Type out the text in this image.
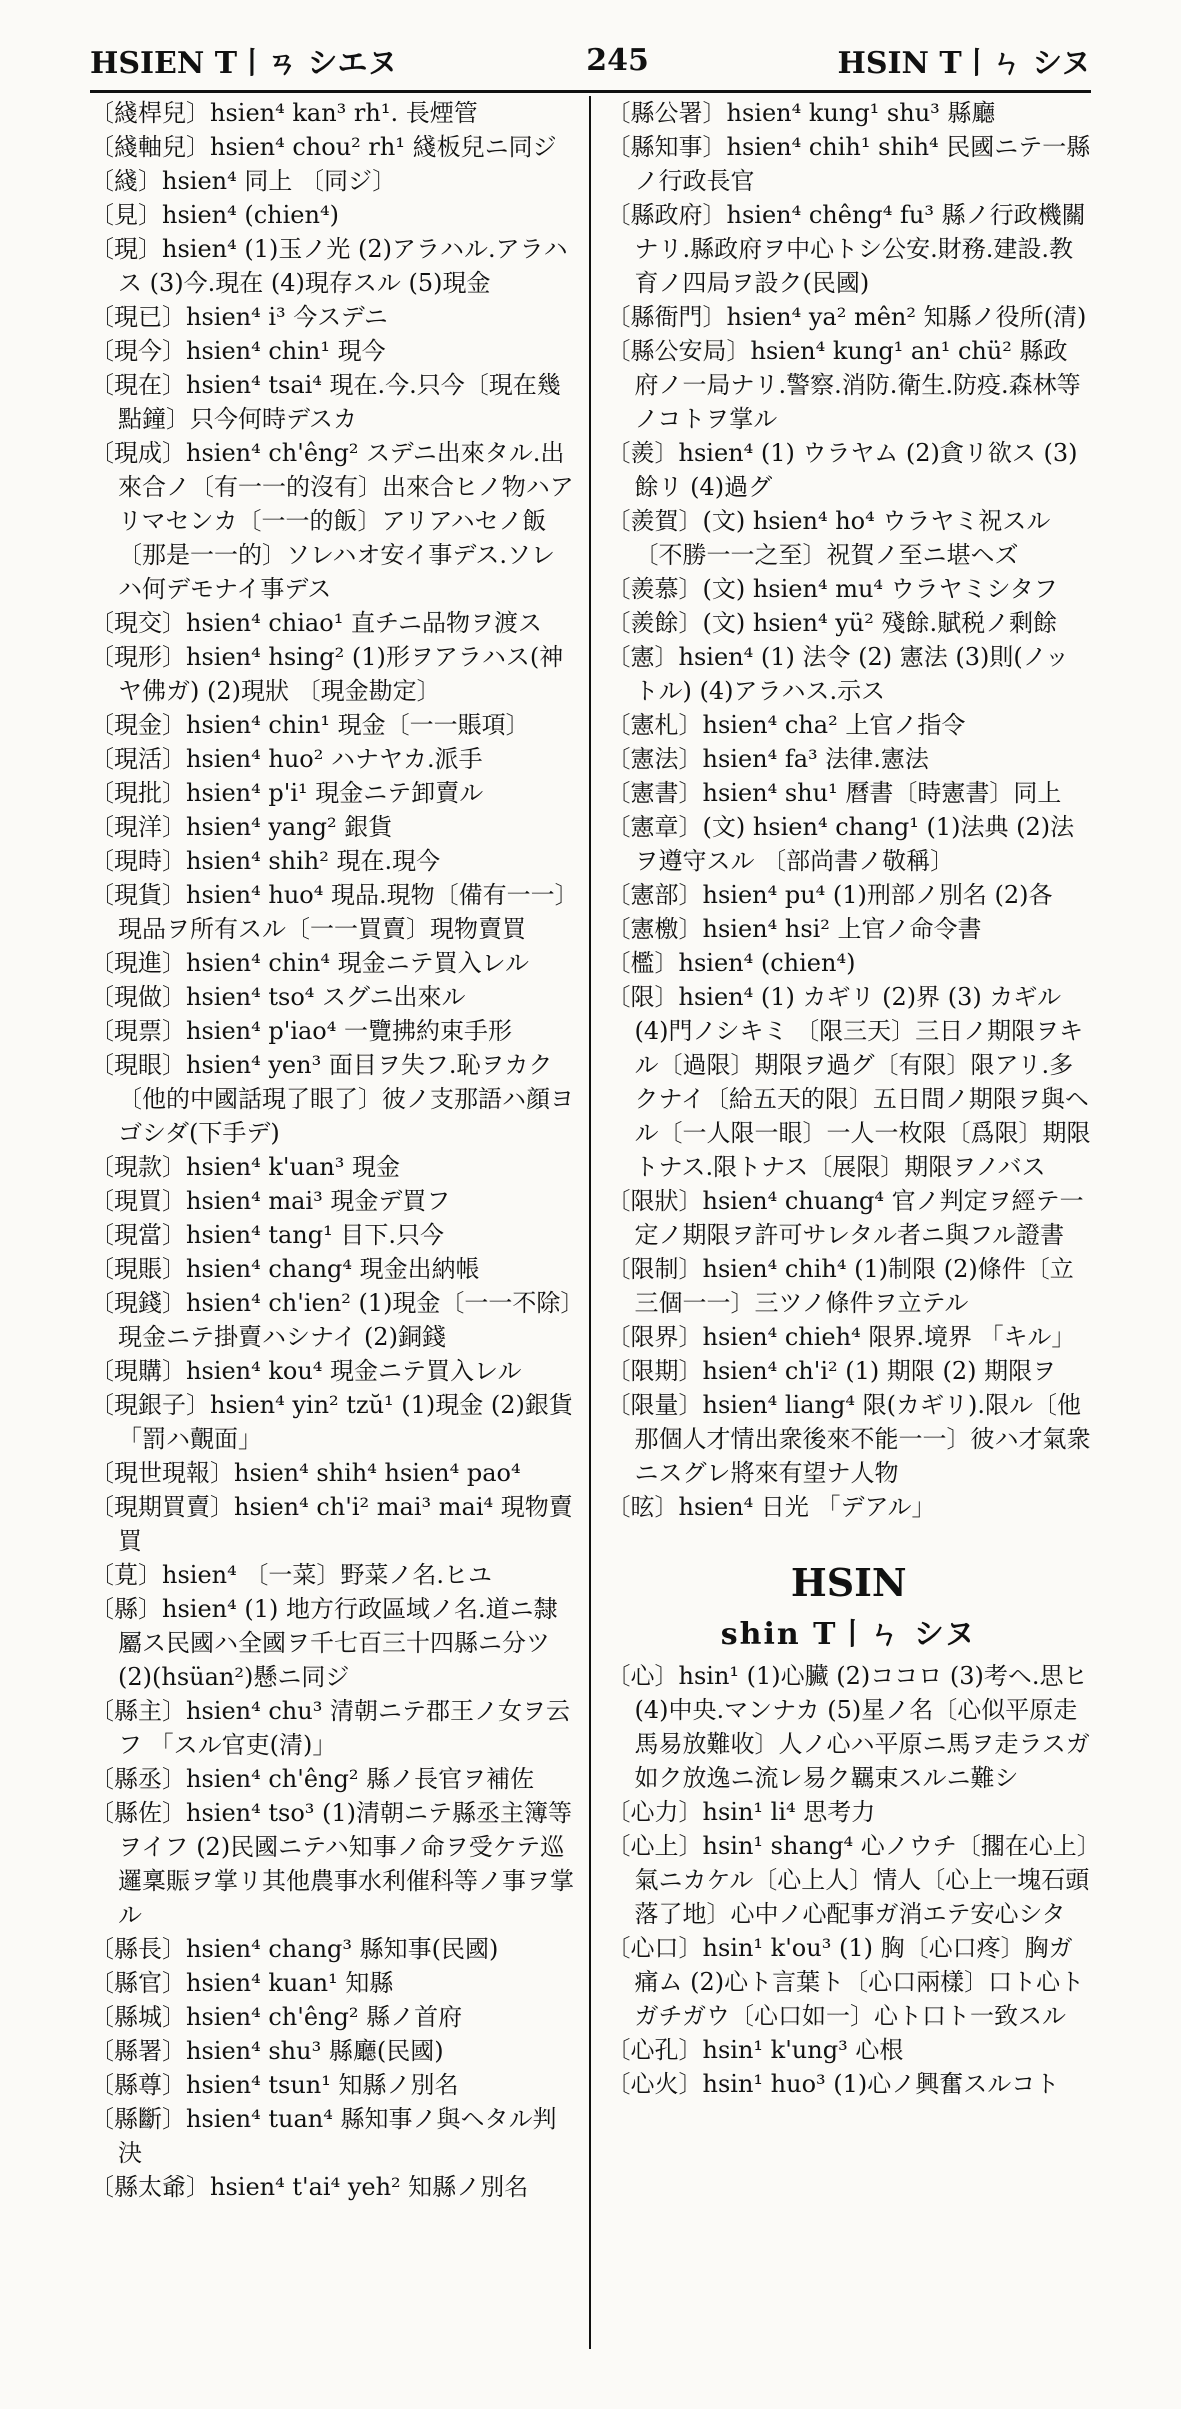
HSIEN T丨ㄢ シエヌ	245	HSIN T丨ㄣ シヌ
〔綫桿兒〕hsien⁴ kan³ rh¹. 長煙管
〔綫軸兒〕hsien⁴ chou² rh¹ 綫板兒ニ同ジ
〔綫〕hsien⁴ 同上 〔同ジ〕
〔見〕hsien⁴ (chien⁴)
〔現〕hsien⁴ (1)玉ノ光 (2)アラハル.アラハス (3)今.現在 (4)現存スル (5)現金
〔現已〕hsien⁴ i³ 今スデニ
〔現今〕hsien⁴ chin¹ 現今
〔現在〕hsien⁴ tsai⁴ 現在.今.只今〔現在幾點鐘〕只今何時デスカ
〔現成〕hsien⁴ ch'êng² スデニ出來タル.出來合ノ〔有一一的沒有〕出來合ヒノ物ハアリマセンカ〔一一的飯〕アリアハセノ飯〔那是一一的〕ソレハオ安イ事デス.ソレハ何デモナイ事デス
〔現交〕hsien⁴ chiao¹ 直チニ品物ヲ渡ス
〔現形〕hsien⁴ hsing² (1)形ヲアラハス(神ヤ佛ガ) (2)現狀 〔現金勘定〕
〔現金〕hsien⁴ chin¹ 現金〔一一賬項〕
〔現活〕hsien⁴ huo² ハナヤカ.派手
〔現批〕hsien⁴ p'i¹ 現金ニテ卸賣ル
〔現洋〕hsien⁴ yang² 銀貨
〔現時〕hsien⁴ shih² 現在.現今
〔現貨〕hsien⁴ huo⁴ 現品.現物〔備有一一〕現品ヲ所有スル〔一一買賣〕現物賣買
〔現進〕hsien⁴ chin⁴ 現金ニテ買入レル
〔現做〕hsien⁴ tso⁴ スグニ出來ル
〔現票〕hsien⁴ p'iao⁴ 一覽拂約束手形
〔現眼〕hsien⁴ yen³ 面目ヲ失フ.恥ヲカク〔他的中國話現了眼了〕彼ノ支那語ハ顔ヨゴシダ(下手デ)
〔現款〕hsien⁴ k'uan³ 現金
〔現買〕hsien⁴ mai³ 現金デ買フ
〔現當〕hsien⁴ tang¹ 目下.只今
〔現賬〕hsien⁴ chang⁴ 現金出納帳
〔現錢〕hsien⁴ ch'ien² (1)現金〔一一不除〕現金ニテ掛賣ハシナイ (2)銅錢
〔現購〕hsien⁴ kou⁴ 現金ニテ買入レル
〔現銀子〕hsien⁴ yin² tzŭ¹ (1)現金 (2)銀貨 「罰ハ覿面」
〔現世現報〕hsien⁴ shih⁴ hsien⁴ pao⁴
〔現期買賣〕hsien⁴ ch'i² mai³ mai⁴ 現物賣買
〔莧〕hsien⁴ 〔一菜〕野菜ノ名.ヒユ
〔縣〕hsien⁴ (1) 地方行政區域ノ名.道ニ隸屬ス民國ハ全國ヲ千七百三十四縣ニ分ツ (2)(hsüan²)懸ニ同ジ
〔縣主〕hsien⁴ chu³ 清朝ニテ郡王ノ女ヲ云フ 「スル官吏(清)」
〔縣丞〕hsien⁴ ch'êng² 縣ノ長官ヲ補佐
〔縣佐〕hsien⁴ tso³ (1)清朝ニテ縣丞主簿等ヲイフ (2)民國ニテハ知事ノ命ヲ受ケテ巡邏稟賑ヲ掌リ其他農事水利催科等ノ事ヲ掌ル
〔縣長〕hsien⁴ chang³ 縣知事(民國)
〔縣官〕hsien⁴ kuan¹ 知縣
〔縣城〕hsien⁴ ch'êng² 縣ノ首府
〔縣署〕hsien⁴ shu³ 縣廳(民國)
〔縣尊〕hsien⁴ tsun¹ 知縣ノ別名
〔縣斷〕hsien⁴ tuan⁴ 縣知事ノ與ヘタル判決
〔縣太爺〕hsien⁴ t'ai⁴ yeh² 知縣ノ別名
〔縣公署〕hsien⁴ kung¹ shu³ 縣廳
〔縣知事〕hsien⁴ chih¹ shih⁴ 民國ニテ一縣ノ行政長官
〔縣政府〕hsien⁴ chêng⁴ fu³ 縣ノ行政機關ナリ.縣政府ヲ中心トシ公安.財務.建設.教育ノ四局ヲ設ク(民國)
〔縣衙門〕hsien⁴ ya² mên² 知縣ノ役所(清)
〔縣公安局〕hsien⁴ kung¹ an¹ chü² 縣政府ノ一局ナリ.警察.消防.衛生.防疫.森林等ノコトヲ掌ル
〔羨〕hsien⁴ (1) ウラヤム (2)貪リ欲ス (3)餘リ (4)過グ
〔羨賀〕(文) hsien⁴ ho⁴ ウラヤミ祝スル〔不勝一一之至〕祝賀ノ至ニ堪ヘズ
〔羨慕〕(文) hsien⁴ mu⁴ ウラヤミシタフ
〔羨餘〕(文) hsien⁴ yü² 殘餘.賦税ノ剩餘
〔憲〕hsien⁴ (1) 法令 (2) 憲法 (3)則(ノットル) (4)アラハス.示ス
〔憲札〕hsien⁴ cha² 上官ノ指令
〔憲法〕hsien⁴ fa³ 法律.憲法
〔憲書〕hsien⁴ shu¹ 曆書〔時憲書〕同上
〔憲章〕(文) hsien⁴ chang¹ (1)法典 (2)法ヲ遵守スル 〔部尚書ノ敬稱〕
〔憲部〕hsien⁴ pu⁴ (1)刑部ノ別名 (2)各
〔憲檄〕hsien⁴ hsi² 上官ノ命令書
〔檻〕hsien⁴ (chien⁴)
〔限〕hsien⁴ (1) カギリ (2)界 (3) カギル (4)門ノシキミ 〔限三天〕三日ノ期限ヲキル〔過限〕期限ヲ過グ〔有限〕限アリ.多クナイ〔給五天的限〕五日間ノ期限ヲ與ヘル〔一人限一眼〕一人一枚限〔爲限〕期限トナス.限トナス〔展限〕期限ヲノバス
〔限狀〕hsien⁴ chuang⁴ 官ノ判定ヲ經テ一定ノ期限ヲ許可サレタル者ニ與フル證書
〔限制〕hsien⁴ chih⁴ (1)制限 (2)條件〔立三個一一〕三ツノ條件ヲ立テル
〔限界〕hsien⁴ chieh⁴ 限界.境界 「キル」
〔限期〕hsien⁴ ch'i² (1) 期限 (2) 期限ヲ
〔限量〕hsien⁴ liang⁴ 限(カギリ).限ル〔他那個人才情出衆後來不能一一〕彼ハ才氣衆ニスグレ將來有望ナ人物
〔昡〕hsien⁴ 日光 「デアル」
HSIN
shin T丨ㄣ シヌ
〔心〕hsin¹ (1)心臟 (2)ココロ (3)考ヘ.思ヒ (4)中央.マンナカ (5)星ノ名〔心似平原走馬易放難收〕人ノ心ハ平原ニ馬ヲ走ラスガ如ク放逸ニ流レ易ク羈束スルニ難シ
〔心力〕hsin¹ li⁴ 思考力
〔心上〕hsin¹ shang⁴ 心ノウチ〔擱在心上〕氣ニカケル〔心上人〕情人〔心上一塊石頭落了地〕心中ノ心配事ガ消エテ安心シタ
〔心口〕hsin¹ k'ou³ (1) 胸〔心口疼〕胸ガ痛ム (2)心ト言葉ト〔心口兩樣〕口ト心トガチガウ〔心口如一〕心ト口ト一致スル
〔心孔〕hsin¹ k'ung³ 心根
〔心火〕hsin¹ huo³ (1)心ノ興奮スルコト
